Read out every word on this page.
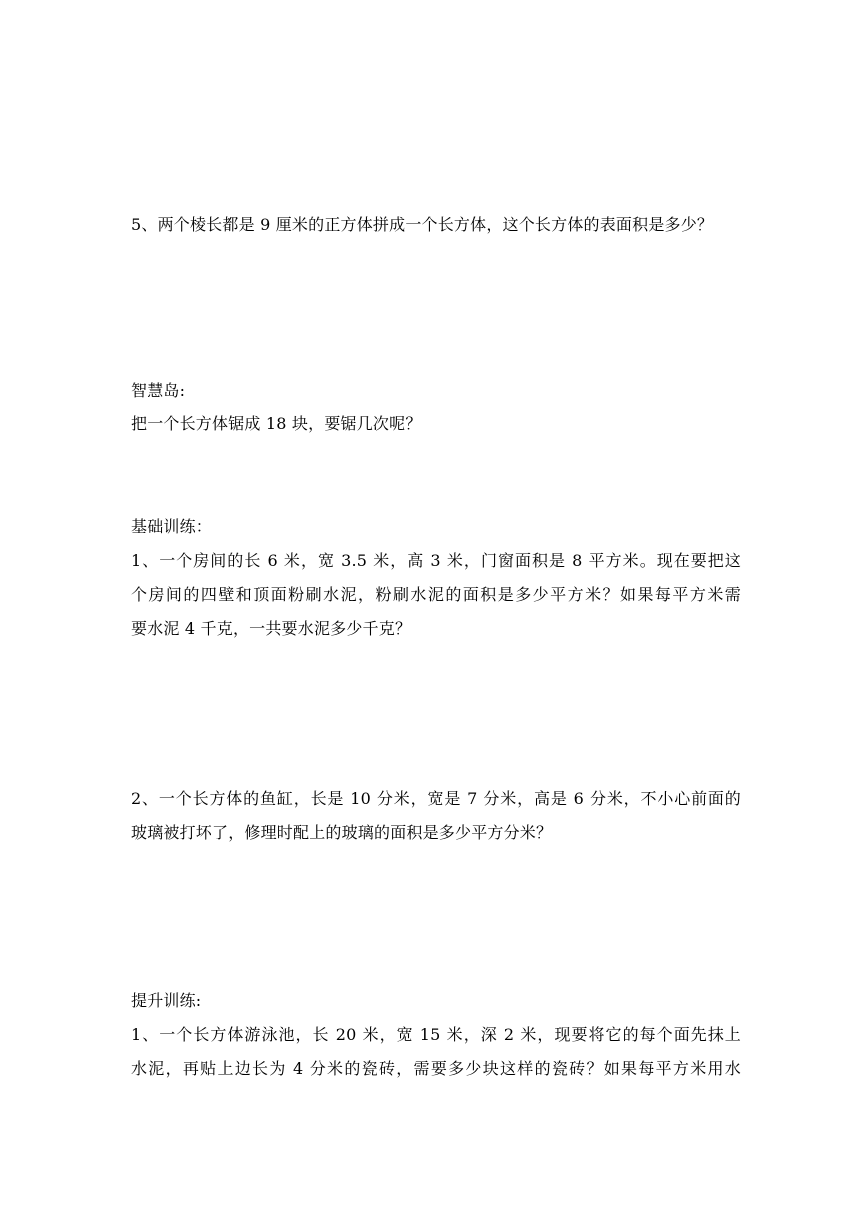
5、两个棱长都是 9 厘米的正方体拼成一个长方体，这个长方体的表面积是多少？
智慧岛:
把一个长方体锯成 18 块，要锯几次呢？
基础训练：
1、一个房间的长 6 米，宽 3.5 米，高 3 米，门窗面积是 8 平方米。现在要把这
个房间的四壁和顶面粉刷水泥，粉刷水泥的面积是多少平方米？如果每平方米需
要水泥 4 千克，一共要水泥多少千克？
2、一个长方体的鱼缸，长是 10 分米，宽是 7 分米，高是 6 分米，不小心前面的
玻璃被打坏了，修理时配上的玻璃的面积是多少平方分米？
提升训练:
1、一个长方体游泳池，长 20 米，宽 15 米，深 2 米，现要将它的每个面先抹上
水泥，再贴上边长为 4 分米的瓷砖，需要多少块这样的瓷砖？如果每平方米用水
